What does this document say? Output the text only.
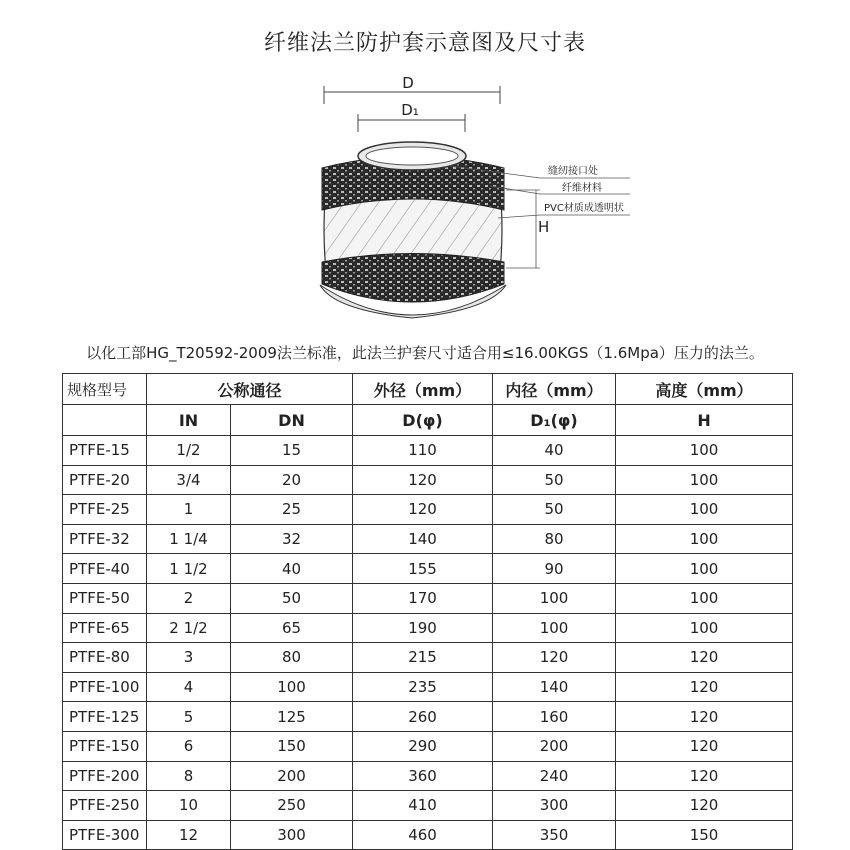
纤维法兰防护套示意图及尺寸表
D
D₁
H
缝纫接口处
纤维材料
PVC材质成透明状
以化工部HG_T20592-2009法兰标准，此法兰护套尺寸适合用≤16.00KGS（1.6Mpa）压力的法兰。
规格型号	公称通径		外径（mm）	内径（mm）	高度（mm）
	IN	DN	D(φ)	D₁(φ)	H
PTFE-15	1/2	15	110	40	100
PTFE-20	3/4	20	120	50	100
PTFE-25	1	25	120	50	100
PTFE-32	1 1/4	32	140	80	100
PTFE-40	1 1/2	40	155	90	100
PTFE-50	2	50	170	100	100
PTFE-65	2 1/2	65	190	100	100
PTFE-80	3	80	215	120	120
PTFE-100	4	100	235	140	120
PTFE-125	5	125	260	160	120
PTFE-150	6	150	290	200	120
PTFE-200	8	200	360	240	120
PTFE-250	10	250	410	300	120
PTFE-300	12	300	460	350	150
